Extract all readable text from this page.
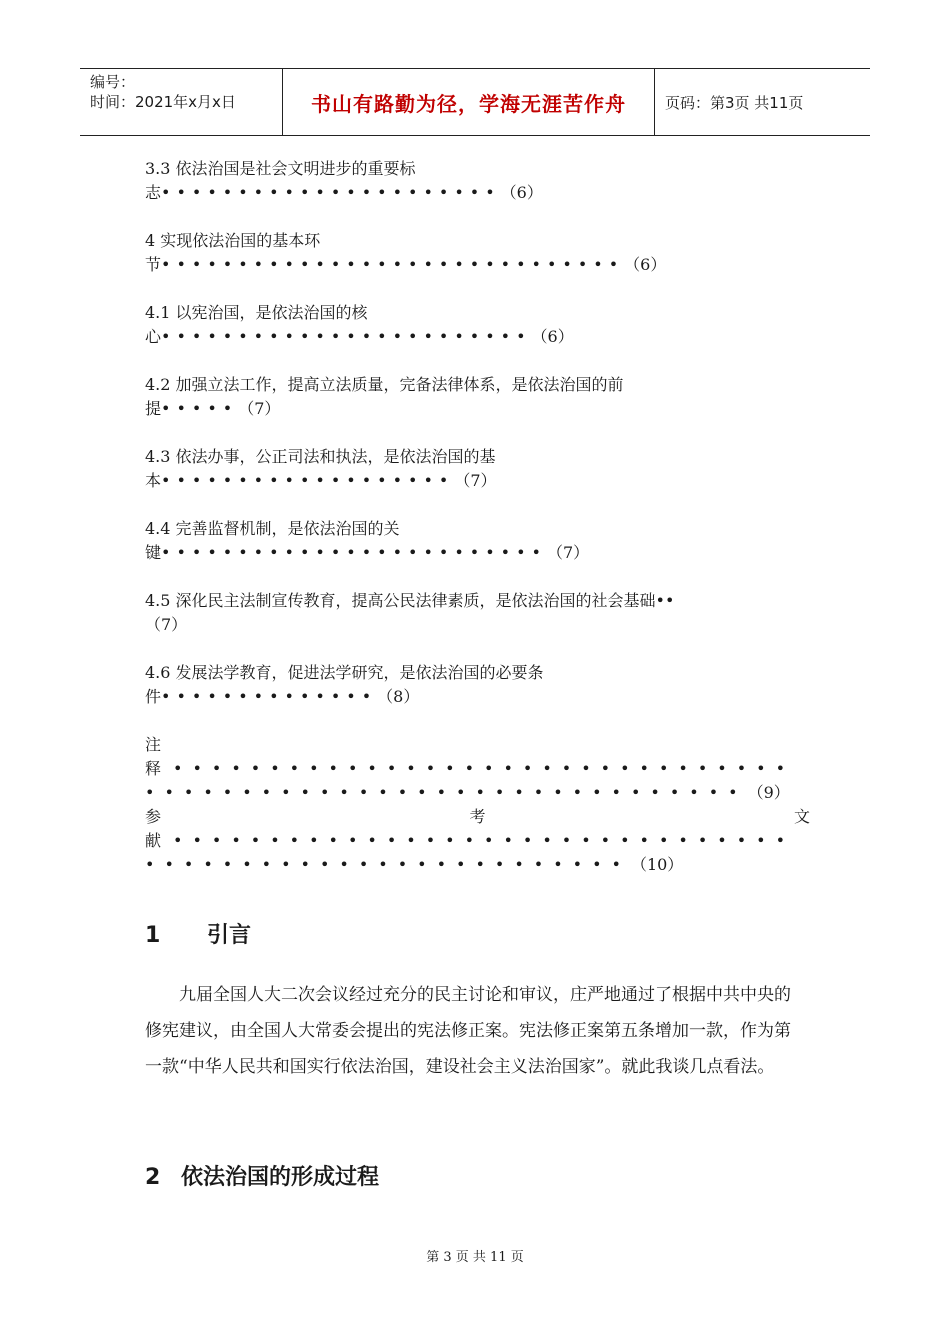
编号：
时间：2021年x月x日	书山有路勤为径，学海无涯苦作舟	页码：第3页 共11页
3.3 依法治国是社会文明进步的重要标
志••••••••••••••••••••••（6）
4 实现依法治国的基本环
节••••••••••••••••••••••••••••••（6）
4.1 以宪治国，是依法治国的核
心••••••••••••••••••••••••（6）
4.2 加强立法工作，提高立法质量，完备法律体系，是依法治国的前
提•••••（7）
4.3 依法办事，公正司法和执法，是依法治国的基
本•••••••••••••••••••（7）
4.4 完善监督机制，是依法治国的关
键•••••••••••••••••••••••••（7）
4.5 深化民主法制宣传教育，提高公民法律素质，是依法治国的社会基础••
（7）
4.6 发展法学教育，促进法学研究，是依法治国的必要条
件••••••••••••••（8）
注
释 ••••••••••••••••••••••••••••••••
•••••••••••••••••••••••••••••••（9）
参	考	文
献 ••••••••••••••••••••••••••••••••
•••••••••••••••••••••••••（10）
1 引言

九届全国人大二次会议经过充分的民主讨论和审议，庄严地通过了根据中共中央的修宪建议，由全国人大常委会提出的宪法修正案。宪法修正案第五条增加一款，作为第一款“中华人民共和国实行依法治国，建设社会主义法治国家”。就此我谈几点看法。

2 依法治国的形成过程
第 3 页 共 11 页
